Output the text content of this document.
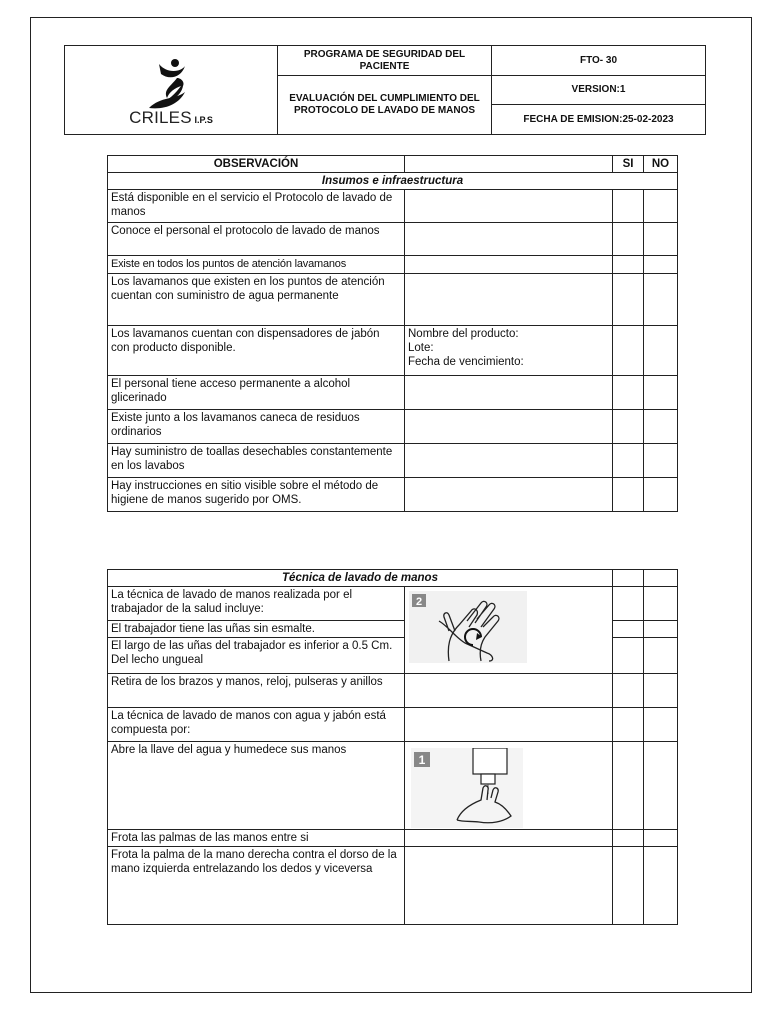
CRILES I.P.S	PROGRAMA DE SEGURIDAD DEL PACIENTE	FTO- 30
	EVALUACIÓN DEL CUMPLIMIENTO DEL PROTOCOLO DE LAVADO DE MANOS	VERSION:1
		FECHA DE EMISION:25-02-2023
OBSERVACIÓN		SI	NO
Insumos e infraestructura			
Está disponible en el servicio el Protocolo de lavado de manos			
Conoce el personal el protocolo de lavado de manos			
Existe en todos los puntos de atención lavamanos			
Los lavamanos que existen en los puntos de atención cuentan con suministro de agua permanente			
Los lavamanos cuentan con dispensadores de jabón con producto disponible.	Nombre del producto:
Lote:
Fecha de vencimiento:		
El personal tiene acceso permanente a alcohol glicerinado			
Existe junto a los lavamanos caneca de residuos ordinarios			
Hay suministro de toallas desechables constantemente en los lavabos			
Hay instrucciones en sitio visible sobre el método de higiene de manos sugerido por OMS.			
Técnica de lavado de manos			
La técnica de lavado de manos realizada por el trabajador de la salud incluye:	2		

El trabajador tiene las uñas sin esmalte.			
El largo de las uñas del trabajador es inferior a 0.5 Cm. Del lecho ungueal			
Retira de los brazos y manos, reloj, pulseras y anillos			
La técnica de lavado de manos con agua y jabón está compuesta por:			
Abre la llave del agua y humedece sus manos	1		

Frota las palmas de las manos entre si			
Frota la palma de la mano derecha contra el dorso de la mano izquierda entrelazando los dedos y viceversa			
